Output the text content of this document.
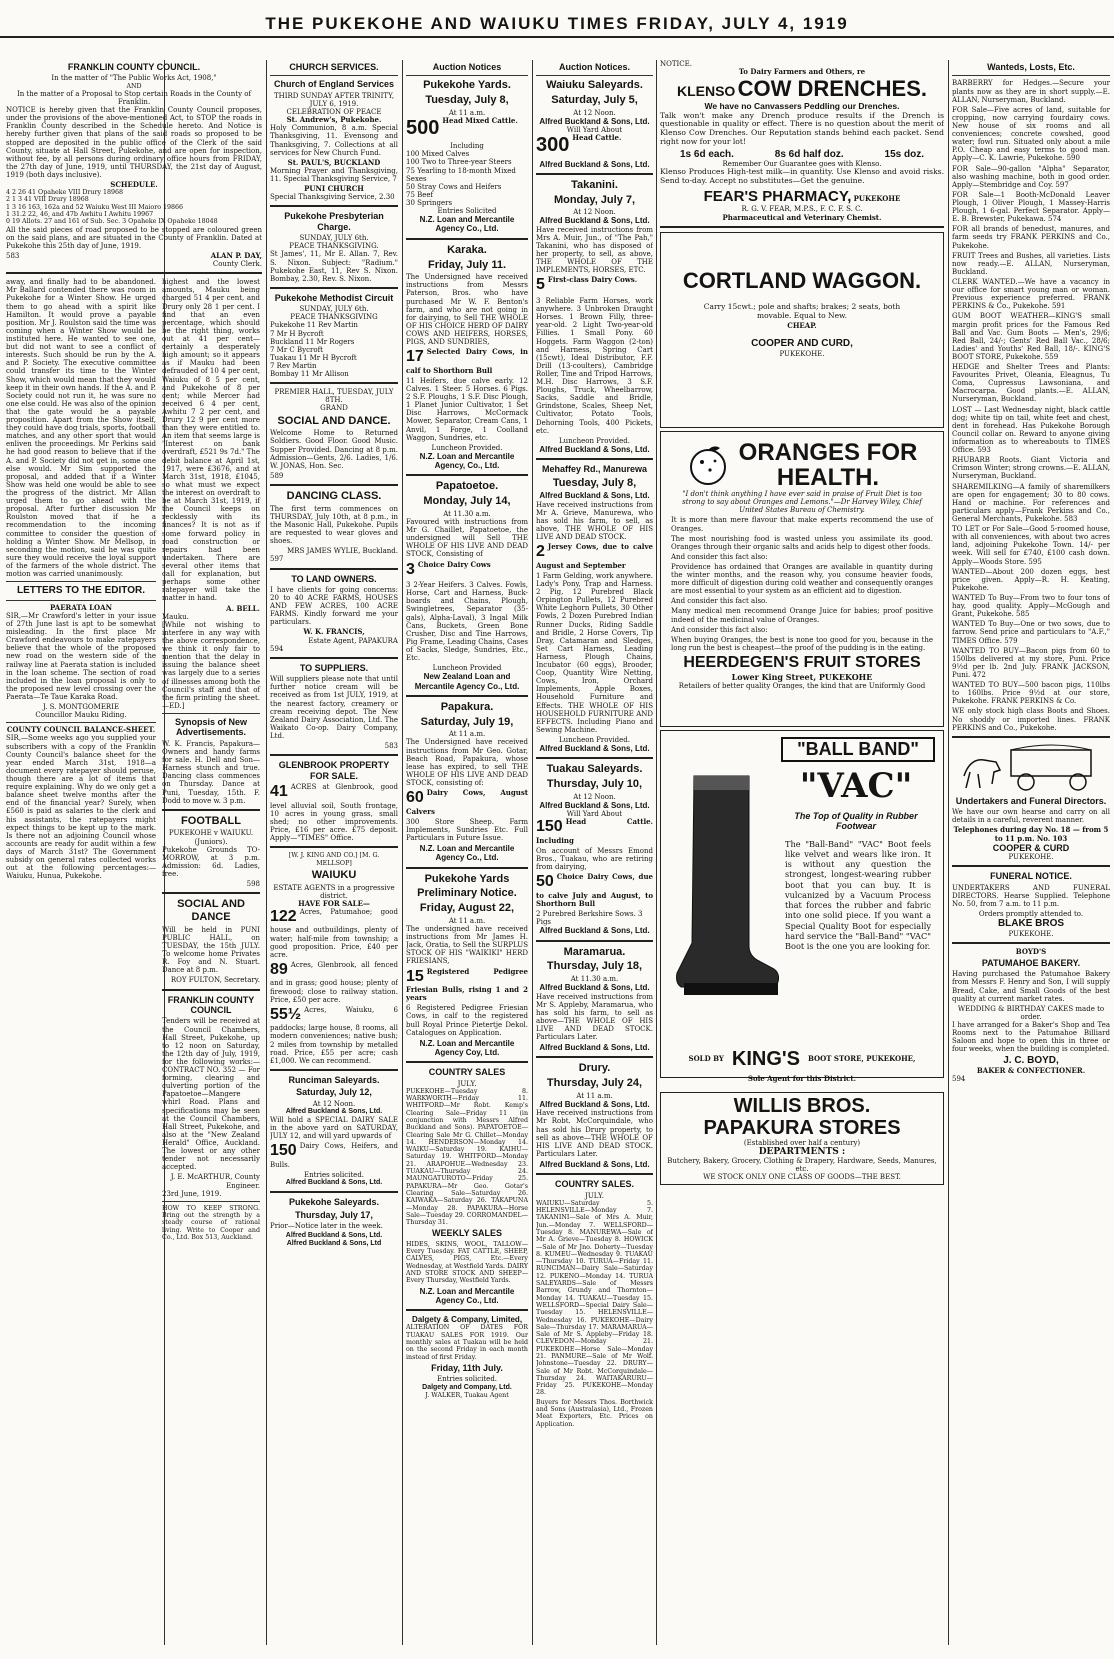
THE PUKEKOHE AND WAIUKU TIMES FRIDAY, JULY 4, 1919
FRANKLIN COUNTY COUNCIL.
In the matter of "The Public Works Act, 1908,"
AND
In the matter of a Proposal to Stop certain Roads in the County of Franklin.

NOTICE is hereby given that the Franklin County Council proposes, under the provisions of the above-mentioned Act, to STOP the roads in Franklin County described in the Schedule hereto. And Notice is hereby further given that plans of the said roads so proposed to be stopped are deposited in the public office of the Clerk of the said County, situate at Hall Street, Pukekohe, and are open for inspection, without fee, by all persons during ordinary office hours from FRIDAY, the 27th day of June, 1919, until THURSDAY, the 21st day of August, 1919 (both days inclusive).

SCHEDULE.
4 2 26 41 Opaheke VIII Drury 18968
2 1 3 41 VIII Drury 18968
1 3 16 163, 162a and 52 Waiuku West III Maioro 19866
1 31.2 22, 46, and 47b Awhitu I Awhitu 19967
0 19 Allots. 27 and 161 of Sub. Sec. 3 Opaheke IX Opaheke 18048

All the said pieces of road proposed to be stopped are coloured green on the said plans, and are situated in the County of Franklin. Dated at Pukekohe this 25th day of June, 1919.

583	ALAN P. DAY,
County Clerk.

away, and finally had to be abandoned. Mr Ballard contended there was room in Pukekohe for a Winter Show. He urged them to go ahead with a spirit like Hamilton. It would prove a payable position. Mr J. Roulston said the time was coming when a Winter Show would be instituted here. He wanted to see one, but did not want to see a conflict of interests. Such should be run by the A. and P. Society. The executive committee could transfer its time to the Winter Show, which would mean that they would keep it in their own hands. If the A. and P. Society could not run it, he was sure no one else could. He was also of the opinion that the gate would be a payable proposition. Apart from the Show itself, they could have dog trials, sports, football matches, and any other sport that would enliven the proceedings. Mr Perkins said he had good reason to believe that if the A. and P. Society did not get in, some one else would. Mr Sim supported the proposal, and added that if a Winter Show was held one would be able to see the progress of the district. Mr Allan urged them to go ahead with the proposal. After further discussion Mr Roulston moved that if he a recommendation to the incoming committee to consider the question of holding a Winter Show. Mr Mellsop, in seconding the motion, said he was quite sure they would receive the loyal support of the farmers of the whole district. The motion was carried unanimously.

LETTERS TO THE EDITOR.
PAERATA LOAN

SIR,—Mr Crawford's letter in your issue of 27th June last is apt to be somewhat misleading. In the first place Mr Crawford endeavours to make ratepayers believe that the whole of the proposed new road on the western side of the railway line at Paerata station is included in the loan scheme. The section of road included in the loan proposal is only to the proposed new level crossing over the Paerata—Te Taue Karaka Road.

J. S. MONTGOMERIE
Councillor Mauku Riding.
COUNTY COUNCIL BALANCE-SHEET.

SIR,—Some weeks ago you supplied your subscribers with a copy of the Franklin County Council's balance sheet for the year ended March 31st, 1918—a document every ratepayer should peruse, though there are a lot of items that require explaining. Why do we only get a balance sheet twelve months after the end of the financial year? Surely, when £560 is paid as salaries to the clerk and his assistants, the ratepayers might expect things to be kept up to the mark. Is there not an adjoining Council whose accounts are ready for audit within a few days of March 31st? The Government subsidy on general rates collected works out at the following percentages:—Waiuku, Hunua, Pukekohe.

highest and the lowest amounts, Mauku being charged 51 4 per cent, and Drury only 28 1 per cent. I find that an even percentage, which should be the right thing, works out at 41 per cent—certainly a desperately high amount; so it appears as if Mauku had been defrauded of 10 4 per cent, Waiuku of 8 5 per cent, and Pukekohe of 8 per cent; while Mercer had received 6 4 per cent, Awhitu 7 2 per cent, and Drury 12 9 per cent more than they were entitled to. An item that seems large is "Interest on bank overdraft, £521 9s 7d." The debit balance at April 1st, 1917, were £3676, and at March 31st, 1918, £1045, so what must we expect the interest on overdraft to be at March 31st, 1919, if the Council keeps on recklessly with its finances? It is not as if some forward policy in road construction or repairs had been undertaken. There are several other items that call for explanation, but perhaps some other ratepayer will take the matter in hand.

A. BELL.
Mauku.

[While not wishing to interfere in any way with the above correspondence, we think it only fair to mention that the delay in issuing the balance sheet was largely due to a series of illnesses among both the Council's staff and that of the firm printing the sheet.—ED.]

Synopsis of New Advertisements.

W. K. Francis, Papakura—Owners and handy farms for sale. H. Dell and Son—Harness stunch and true. Dancing class commences on Thursday. Dance at Puni, Tuesday, 15th. F. Dodd to move w. 3 p.m.

FOOTBALL
PUKEKOHE v WAIUKU. (Juniors).

Pukekohe Grounds TO-MORROW, at 3 p.m. Admission: 6d. Ladies, free.

598
SOCIAL AND DANCE

Will be held in PUNI PUBLIC HALL, on TUESDAY, the 15th JULY. To welcome home Privates R. Foy and N. Stuart. Dance at 8 p.m.

ROY FULTON, Secretary.
FRANKLIN COUNTY COUNCIL

Tenders will be received at the Council Chambers, Hall Street, Pukekohe, up to 12 noon on Saturday, the 12th day of July, 1919, for the following works:—CONTRACT NO. 352 — For forming, clearing and culverting portion of the Papatoetoe—Mangere whirl Road. Plans and specifications may be seen at the Council Chambers, Hall Street, Pukekohe, and also at the "New Zealand Herald" Office, Auckland. The lowest or any other tender not necessarily accepted.

J. E. McARTHUR, County Engineer.
23rd June, 1919.

HOW TO KEEP STRONG. Bring out the strength by a steady course of rational living. Write to Cooper and Co., Ltd. Box 513, Auckland.

CHURCH SERVICES.
Church of England Services
THIRD SUNDAY AFTER TRINITY, JULY 6, 1919.
CELEBRATION OF PEACE
St. Andrew's, Pukekohe.

Holy Communion, 8 a.m. Special Thanksgiving, 11. Evensong and Thanksgiving, 7. Collections at all services for New Church Fund.

St. PAUL'S, BUCKLAND

Morning Prayer and Thanksgiving, 11. Special Thanksgiving Service, 7

PUNI CHURCH

Special Thanksgiving Service, 2.30

Pukekohe Presbyterian Charge.
SUNDAY, JULY 6th.
PEACE THANKSGIVING.

St James', 11, Mr E. Allan. 7, Rev. S. Nixon. Subject: "Radium." Pukekohe East, 11, Rev S. Nixon. Bombay, 2.30, Rev. S. Nixon.

Pukekohe Methodist Circuit
SUNDAY, JULY 6th.
PEACE THANKSGIVING
Pukekohe 11 Rev Martin
7 Mr H Bycroft
Buckland 11 Mr Rogers
7 Mr C Bycroft
Tuakau 11 Mr H Bycroft
7 Rev Martin
Bombay 11 Mr Allison
PREMIER HALL, TUESDAY, JULY 8TH.
GRAND
SOCIAL AND DANCE.

Welcome Home to Returned Soldiers. Good Floor. Good Music. Supper Provided. Dancing at 8 p.m. Admission—Gents, 2/6. Ladies, 1/6. W. JONAS, Hon. Sec.

589
DANCING CLASS.

The first term commences on THURSDAY, July 10th, at 8 p.m., in the Masonic Hall, Pukekohe. Pupils are requested to wear gloves and shoes.

MRS JAMES WYLIE, Buckland.
597
TO LAND OWNERS.

I have clients for going concerns: 20 to 40 ACRE FARMS, HOUSES AND FEW ACRES, 100 ACRE FARMS. Kindly forward me your particulars.

W. K. FRANCIS,
Estate Agent, PAPAKURA
594
TO SUPPLIERS.

Will suppliers please note that until further notice cream will be received as from 1st JULY, 1919, at the nearest factory, creamery or cream receiving depot. The New Zealand Dairy Association, Ltd. The Waikato Co-op. Dairy Company, Ltd.

583
GLENBROOK PROPERTY FOR SALE.

41 ACRES at Glenbrook, good level alluvial soil, South frontage, 10 acres in young grass, small shed; no other improvements. Price, £16 per acre. £75 deposit. Apply—"TIMES" Office.

[W. J. KING AND CO.] [M. G. MELLSOP]
WAIUKU
ESTATE AGENTS in a progressive district.
HAVE FOR SALE—

122 Acres, Patumahoe; good house and outbuildings, plenty of water; half-mile from township; a good proposition. Price, £40 per acre.

89 Acres, Glenbrook, all fenced and in grass; good house; plenty of firewood; close to railway station. Price, £50 per acre.

55½ Acres, Waiuku, 6 paddocks; large house, 8 rooms, all modern conveniences; native bush; 2 miles from township by metalled road. Price, £55 per acre; cash £1,000. We can recommend.

Runciman Saleyards.
Saturday, July 12,
At 12 Noon.
Alfred Buckland & Sons, Ltd.

Will hold a SPECIAL DAIRY SALE in the above yard on SATURDAY, JULY 12, and will yard upwards of

150 Dairy Cows, Heifers, and Bulls.

Entries solicited.
Alfred Buckland & Sons, Ltd.
Pukekohe Saleyards.
Thursday, July 17,

Prior—Notice later in the week.

Alfred Buckland & Sons, Ltd.
Alfred Buckland & Sons, Ltd
Auction Notices
Pukekohe Yards.
Tuesday, July 8,
At 11 a.m.

500 Head Mixed Cattle.

Including
100 Mixed Calves
100 Two to Three-year Steers
75 Yearling to 18-month Mixed Sexes
50 Stray Cows and Heifers
75 Beef
30 Springers
Entries Solicited
N.Z. Loan and Mercantile Agency Co., Ltd.
Karaka.
Friday, July 11.

The Undersigned have received instructions from Messrs Paterson, Bros. who have purchased Mr W. F. Benton's farm, and who are not going in for dairying, to Sell THE WHOLE OF HIS CHOICE HERD OF DAIRY COWS AND HEIFERS, HORSES, PIGS, AND SUNDRIES,

17 Selected Dairy Cows, in calf to Shorthorn Bull

11 Heifers, due calve early. 12 Calves. 1 Steer. 5 Horses. 6 Pigs. 2 S.F. Ploughs, 1 S.F. Disc Plough, 1 Planet Junior Cultivator, 1 Set Disc Harrows, McCormack Mower, Separator, Cream Cans, 1 Anvil, 1 Forge, 1 Coolland Waggon, Sundries, etc.

Luncheon Provided.
N.Z. Loan and Mercantile Agency, Co., Ltd.
Papatoetoe.
Monday, July 14,
At 11.30 a.m.

Favoured with instructions from Mr G. Chaillet, Papatoetoe, the undersigned will Sell THE WHOLE OF HIS LIVE AND DEAD STOCK, Consisting of

3 Choice Dairy Cows

3 2-Year Heifers. 3 Calves. Fowls, Horse, Cart and Harness, Buck-boards and Chains, Plough, Swingletrees, Separator (35-gals), Alpha-Laval), 3 Ingal Milk Cans, Buckets, Green Bone Crusher, Disc and Tine Harrows, Pig Frame, Leading Chains, Cases of Sacks, Sledge, Sundries, Etc., Etc.

Luncheon Provided
New Zealand Loan and Mercantile Agency Co., Ltd.
Papakura.
Saturday, July 19,
At 11 a.m.

The Undersigned have received instructions from Mr Geo. Gotar, Beach Road, Papakura, whose lease has expired, to sell THE WHOLE OF HIS LIVE AND DEAD STOCK, consisting of:

60 Dairy Cows, August Calvers

300 Store Sheep. Farm Implements, Sundries Etc. Full Particulars in Future Issue.

N.Z. Loan and Mercantile Agency Co., Ltd.
Pukekohe Yards
Preliminary Notice.
Friday, August 22,
At 11 a.m.

The undersigned have received instructions from Mr James H. Jack, Oratia, to Sell the SURPLUS STOCK OF HIS "WAIKIKI" HERD FRIESIANS,

15 Registered Pedigree Friesian Bulls, rising 1 and 2 years

6 Registered Pedigree Friesian Cows, in calf to the registered bull Royal Prince Pietertje Dekol. Catalogues on Application.

N.Z. Loan and Mercantile Agency Coy, Ltd.
COUNTRY SALES
JULY.

PUKEKOHE—Tuesday 8. WARKWORTH—Friday 11. WHITFORD—Mr Robt. Kemp's Clearing Sale—Friday 11 (in conjunction with Messrs Alfred Buckland and Sons). PAPATOETOE—Clearing Sale Mr G. Chillet—Monday 14. HENDERSON—Monday 14. WAIKU—Saturday 19. KAIHU—Saturday 19. WHITFORD—Monday 21. ARAPOHUE—Wednesday 23. TUAKAU—Thursday 24. MAUNGATUROTO—Friday 25. PAPAKURA—Mr Geo. Gotar's Clearing Sale—Saturday 26. KAIWAKA—Saturday 26. TAKAPUNA—Monday 28. PAPAKURA—Horse Sale—Tuesday 29. CORROMANDEL—Thursday 31.

WEEKLY SALES

HIDES, SKINS, WOOL, TALLOW—Every Tuesday. FAT CATTLE, SHEEP, CALVES, PIGS, Etc.—Every Wednesday, at Westfield Yards. DAIRY AND STORE STOCK AND SHEEP—Every Thursday, Westfield Yards.

N.Z. Loan and Mercantile Agency Co., Ltd.
Dalgety & Company, Limited,

ALTERATION OF DATES FOR TUAKAU SALES FOR 1919. Our monthly sales at Tuakau will be held on the second Friday in each month instead of first Friday.

Friday, 11th July.
Entries solicited.
Dalgety and Company, Ltd.
J. WALKER, Tuakau Agent
Auction Notices.
Waiuku Saleyards.
Saturday, July 5,
At 12 Noon.
Alfred Buckland & Sons, Ltd.
Will Yard About

300 Head Cattle.

Alfred Buckland & Sons, Ltd.
Takanini.
Monday, July 7,
At 12 Noon.
Alfred Buckland & Sons, Ltd.

Have received instructions from Mrs A. Muir, Jun., of "The Pah," Takanini, who has disposed of her property, to sell, as above, THE WHOLE OF THE IMPLEMENTS, HORSES, ETC.

5 First-class Dairy Cows.

3 Reliable Farm Horses, work anywhere. 3 Unbroken Draught Horses. 1 Brown Filly, three-year-old. 2 Light Two-year-old Fillies. 1 Small Pony. 60 Hoggets. Farm Waggon (2-ton) and Harness, Spring Cart (15cwt), Ideal Distributor, F.F. Drill (13-coulters), Cambridge Roller, Tine and Tripod Harrows, M.H. Disc Harrows, 3 S.F. Ploughs, Truck, Wheelbarrow, Sacks, Saddle and Bridle, Grindstone, Scales, Sheep Net, Cultivator, Potato Tools, Dehorning Tools, 400 Pickets, etc.

Luncheon Provided.
Alfred Buckland & Sons, Ltd.
Mehaffey Rd., Manurewa
Tuesday, July 8,
Alfred Buckland & Sons, Ltd.

Have received instructions from Mr A. Grieve, Manurewa, who has sold his farm, to sell, as above, THE WHOLE OF HIS LIVE AND DEAD STOCK.

2 Jersey Cows, due to calve August and September

1 Farm Gelding, work anywhere. Lady's Pony, Trap and Harness. 2 Pig, 12 Purebred Black Orpington Pullets, 12 Purebred White Leghorn Pullets, 30 Other Fowls, 2 Dozen Purebred Indian Runner Ducks, Riding Saddle and Bridle, 2 Horse Covers, Tip Dray, Catamaran and Sledges, Set Cart Harness, Leading Harness, Plough Chains, Incubator (60 eggs), Brooder, Coop, Quantity Wire Netting, Cows, Iron, Orchard Implements, Apple Boxes, Household Furniture and Effects. THE WHOLE OF HIS HOUSEHOLD FURNITURE AND EFFECTS. Including Piano and Sewing Machine.

Luncheon Provided.
Alfred Buckland & Sons, Ltd.
Tuakau Saleyards.
Thursday, July 10,
At 12 Noon.
Alfred Buckland & Sons, Ltd.
Will Yard About

150 Head Cattle. Including

On account of Messrs Emond Bros., Tuakau, who are retiring from dairying,

50 Choice Dairy Cows, due to calve July and August, to Shorthorn Bull

2 Purebred Berkshire Sows. 3 Pigs
Alfred Buckland & Sons, Ltd.
Maramarua.
Thursday, July 18,
At 11.30 a.m.
Alfred Buckland & Sons, Ltd.

Have received instructions from Mr S. Appleby, Maramarua, who has sold his farm, to sell as above—THE WHOLE OF HIS LIVE AND DEAD STOCK. Particulars Later.

Alfred Buckland & Sons, Ltd.
Drury.
Thursday, July 24,
At 11 a.m.
Alfred Buckland & Sons, Ltd.

Have received instructions from Mr Robt. McCorquindale, who has sold his Drury property, to sell as above—THE WHOLE OF HIS LIVE AND DEAD STOCK. Particulars Later.

Alfred Buckland & Sons, Ltd.
COUNTRY SALES.
JULY.

WAIUKU—Saturday 5. HELENSVILLE—Monday 7. TAKANINI—Sale of Mrs A. Muir, Jun.—Monday 7. WELLSFORD—Tuesday 8. MANUREWA—Sale of Mr A. Grieve—Tuesday 8. HOWICK—Sale of Mr Jno. Doherty—Tuesday 8. KUMEU—Wednesday 9. TUAKAU—Thursday 10. TURUA—Friday 11. RUNCIMAN—Dairy Sale—Saturday 12. PUKENO—Monday 14. TURUA SALEYARDS—Sale of Messrs Barrow, Grundy and Thornton—Monday 14. TUAKAU—Tuesday 15. WELLSFORD—Special Dairy Sale—Tuesday 15. HELENSVILLE—Wednesday 16. PUKEKOHE—Dairy Sale—Thursday 17. MARAMARUA—Sale of Mr S. Appleby—Friday 18. CLEVEDON—Monday 21. PUKEKOHE—Horse Sale—Monday 21. PANMURE—Sale of Mr Wolf. Johnstone—Tuesday 22. DRURY—Sale of Mr Robt. McCorquindale—Thursday 24. WAITAKARURU—Friday 25. PUKEKOHE—Monday 28.

Buyers for Messrs Thos. Borthwick and Sons (Australasia), Ltd., Frozen Meat Exporters, Etc. Prices on Application.

NOTICE.
To Dairy Farmers and Others, re
KLENSO COW DRENCHES.
We have no Canvassers Peddling our Drenches.

Talk won't make any Drench produce results if the Drench is questionable in quality or effect. There is no question about the merit of Klenso Cow Drenches. Our Reputation stands behind each packet. Send right now for your lot!

1s 6d each.	8s 6d half doz.	15s doz.
Remember Our Guarantee goes with Klenso.

Klenso Produces High-test milk—in quantity. Use Klenso and avoid risks. Send to-day. Accept no substitutes—Get the genuine.

FEAR'S PHARMACY, PUKEKOHE
R. G. V. FEAR, M.P.S., F. C. F. S. C.
Pharmaceutical and Veterinary Chemist.
CORTLAND WAGGON.

Carry 15cwt.; pole and shafts; brakes; 2 seats, both movable. Equal to New.

CHEAP.
COOPER AND CURD,
PUKEKOHE.
ORANGES FOR HEALTH.

"I don't think anything I have ever said in praise of Fruit Diet is too strong to say about Oranges and Lemons."—Dr Harvey Wiley, Chief United States Bureau of Chemistry.

It is more than mere flavour that make experts recommend the use of Oranges.

The most nourishing food is wasted unless you assimilate its good. Oranges through their organic salts and acids help to digest other foods.

And consider this fact also:

Providence has ordained that Oranges are available in quantity during the winter months, and the reason why, you consume heavier foods, more difficult of digestion during cold weather and consequently oranges are most essential to your system as an efficient aid to digestion.

And consider this fact also.

Many medical men recommend Orange Juice for babies; proof positive indeed of the medicinal value of Oranges.

And consider this fact also:

When buying Oranges, the best is none too good for you, because in the long run the best is cheapest—the proof of the pudding is in the eating.

HEERDEGEN'S FRUIT STORES
Lower King Street, PUKEKOHE
Retailers of better quality Oranges, the kind that are Uniformly Good
"BALL BAND"
"VAC"
The Top of Quality in Rubber Footwear

The "Ball-Band" "VAC" Boot feels like velvet and wears like iron. It is without any question the strongest, longest-wearing rubber boot that you can buy. It is vulcanized by a Vacuum Process that forces the rubber and fabric into one solid piece. If you want a Special Quality Boot for especially hard service the "Ball-Band" "VAC" Boot is the one you are looking for.

SOLD BY KING'S BOOT STORE, PUKEKOHE,
Sole Agent for this District.
WILLIS BROS.
PAPAKURA STORES
(Established over half a century)
DEPARTMENTS :
Butchery, Bakery, Grocery, Clothing & Drapery, Hardware, Seeds, Manures, etc.
WE STOCK ONLY ONE CLASS OF GOODS—THE BEST.
Wanteds, Losts, Etc.

BARBERRY for Hedges.—Secure your plants now as they are in short supply.—E. ALLAN, Nurseryman, Buckland.

FOR Sale—Five acres of land, suitable for cropping, now carrying fourdairy cows. New house of six rooms and all conveniences; concrete cowshed, good water; fowl run. Situated only about a mile P.O. Cheap and easy terms to good man. Apply—C. K. Lawrie, Pukekohe. 590

FOR Sale—90-gallon "Alpha" Separator, also washing machine, both in good order. Apply—Stembridge and Coy. 597

FOR Sale—1 Booth-McDonald Leaver Plough, 1 Oliver Plough, 1 Massey-Harris Plough, 1 6-gal. Perfect Separator. Apply—E. B. Brewster, Pukekawa. 574

FOR all brands of benedust, manures, and farm seeds try FRANK PERKINS and Co., Pukekohe.

FRUIT Trees and Bushes, all varieties. Lists now ready.—E. ALLAN, Nurseryman, Buckland.

CLERK WANTED.—We have a vacancy in our office for smart young man or woman. Previous experience preferred. FRANK PERKINS & Co., Pukekohe. 591

GUM BOOT WEATHER—KING'S small margin profit prices for the Famous Red Ball and Vac. Gum Boots — Men's, 29/6; Red Ball, 24/-; Gents' Red Ball Vac., 28/6; Ladies' and Youths' Red Ball, 18/-. KING'S BOOT STORE, Pukekohe. 559

HEDGE and Shelter Trees and Plants: Favourites Privet, Oleania, Eleagnus, Tu Coma, Cupressus Lawsoniana, and Macrocarpa. Good plants.—E. ALLAN, Nurseryman, Buckland.

LOST — Last Wednesday night, black cattle dog; white tip on tail, white feet and chest, dent in forehead. Has Pukekohe Borough Council collar on. Reward to anyone giving information as to whereabouts to TIMES Office. 593

RHUBARB Roots. Giant Victoria and Crimson Winter; strong crowns.—E. ALLAN, Nurseryman, Buckland.

SHAREMILKING—A family of sharemilkers are open for engagement; 30 to 80 cows. Hand or machine. For references and particulars apply—Frank Perkins and Co., General Merchants, Pukekohe. 583

TO LET or For Sale—Good 5-roomed house, with all conveniences, with about two acres land, adjoining Pukekohe Town. 14/- per week. Will sell for £740, £100 cash down. Apply—Woods Store. 595

WANTED—About 200 dozen eggs, best price given. Apply—R. H. Keating, Pukekohe.

WANTED To Buy—From two to four tons of hay, good quality. Apply—McGough and Grant, Pukekohe. 585

WANTED To Buy—One or two sows, due to farrow. Send price and particulars to "A.F.," TIMES Office. 579

WANTED TO BUY—Bacon pigs from 60 to 150lbs delivered at my store, Puni. Price 9½d per lb. 2nd July. FRANK JACKSON, Puni. 472

WANTED TO BUY—500 bacon pigs, 110lbs to 160lbs. Price 9½d at our store, Pukekohe. FRANK PERKINS & Co.

WE only stock high class Boots and Shoes. No shoddy or imported lines. FRANK PERKINS and Co., Pukekohe.

Undertakers and Funeral Directors.

We have our own hearse and carry on all details in a careful, reverent manner.

Telephones during day No. 18 — from 5 to 11 p.m. No. 103
COOPER & CURD
PUKEKOHE.
FUNERAL NOTICE.

UNDERTAKERS AND FUNERAL DIRECTORS. Hearse Supplied. Telephone No. 50, from 7 a.m. to 11 p.m.

Orders promptly attended to.
BLAKE BROS
PUKEKOHE.
BOYD'S
PATUMAHOE BAKERY.

Having purchased the Patumahoe Bakery from Messrs F. Henry and Son, I will supply Bread, Cake, and Small Goods of the best quality at current market rates.

WEDDING & BIRTHDAY CAKES made to order.

I have arranged for a Baker's Shop and Tea Rooms next to the Patumahoe Billiard Saloon and hope to open this in three or four weeks, when the building is completed.

J. C. BOYD,
BAKER & CONFECTIONER.
594
